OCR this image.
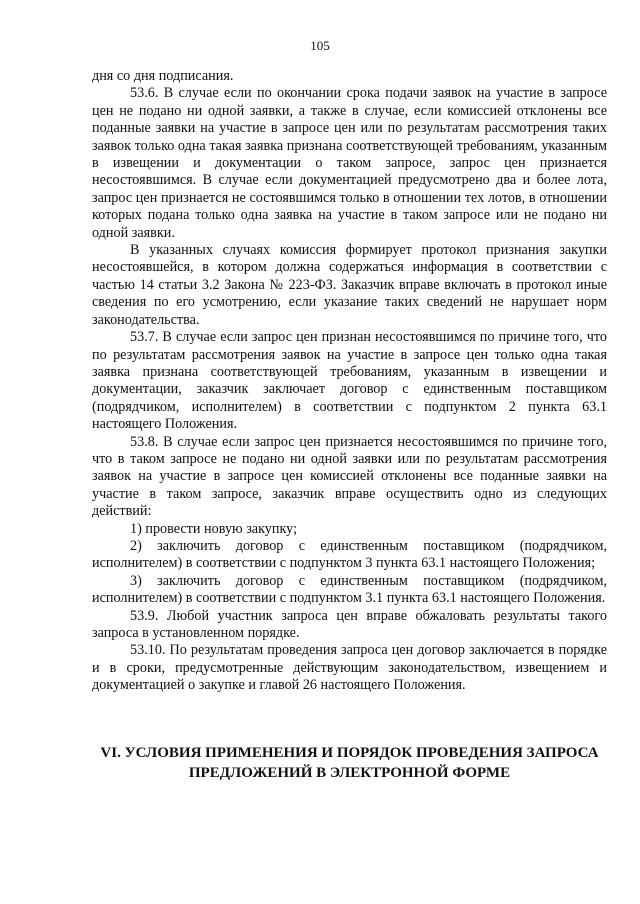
105

дня со дня подписания.

53.6. В случае если по окончании срока подачи заявок на участие в запросе цен не подано ни одной заявки, а также в случае, если комиссией отклонены все поданные заявки на участие в запросе цен или по результатам рассмотрения таких заявок только одна такая заявка признана соответствующей требованиям, указанным в извещении и документации о таком запросе, запрос цен признается несостоявшимся. В случае если документацией предусмотрено два и более лота, запрос цен признается не состоявшимся только в отношении тех лотов, в отношении которых подана только одна заявка на участие в таком запросе или не подано ни одной заявки.

В указанных случаях комиссия формирует протокол признания закупки несостоявшейся, в котором должна содержаться информация в соответствии с частью 14 статьи 3.2 Закона № 223-ФЗ. Заказчик вправе включать в протокол иные сведения по его усмотрению, если указание таких сведений не нарушает норм законодательства.

53.7. В случае если запрос цен признан несостоявшимся по причине того, что по результатам рассмотрения заявок на участие в запросе цен только одна такая заявка признана соответствующей требованиям, указанным в извещении и документации, заказчик заключает договор с единственным поставщиком (подрядчиком, исполнителем) в соответствии с подпунктом 2 пункта 63.1 настоящего Положения.

53.8. В случае если запрос цен признается несостоявшимся по причине того, что в таком запросе не подано ни одной заявки или по результатам рассмотрения заявок на участие в запросе цен комиссией отклонены все поданные заявки на участие в таком запросе, заказчик вправе осуществить одно из следующих действий:

1) провести новую закупку;

2) заключить договор с единственным поставщиком (подрядчиком, исполнителем) в соответствии с подпунктом 3 пункта 63.1 настоящего Положения;

3) заключить договор с единственным поставщиком (подрядчиком, исполнителем) в соответствии с подпунктом 3.1 пункта 63.1 настоящего Положения.

53.9. Любой участник запроса цен вправе обжаловать результаты такого запроса в установленном порядке.

53.10. По результатам проведения запроса цен договор заключается в порядке и в сроки, предусмотренные действующим законодательством, извещением и документацией о закупке и главой 26 настоящего Положения.

VI. УСЛОВИЯ ПРИМЕНЕНИЯ И ПОРЯДОК ПРОВЕДЕНИЯ ЗАПРОСА
ПРЕДЛОЖЕНИЙ В ЭЛЕКТРОННОЙ ФОРМЕ
